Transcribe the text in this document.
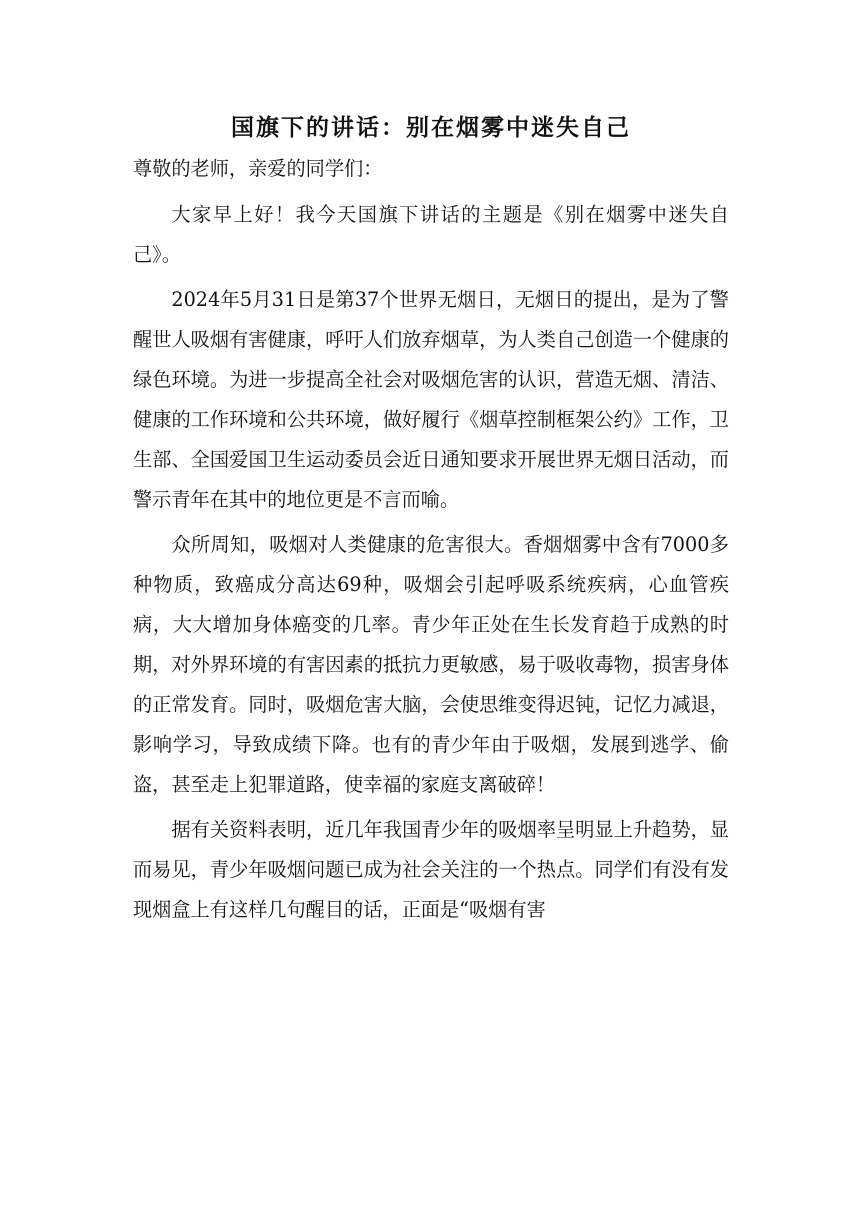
国旗下的讲话：别在烟雾中迷失自己

尊敬的老师，亲爱的同学们：

大家早上好！我今天国旗下讲话的主题是《别在烟雾中迷失自己》。

2024年5月31日是第37个世界无烟日，无烟日的提出，是为了警醒世人吸烟有害健康，呼吁人们放弃烟草，为人类自己创造一个健康的绿色环境。为进一步提高全社会对吸烟危害的认识，营造无烟、清洁、健康的工作环境和公共环境，做好履行《烟草控制框架公约》工作，卫生部、全国爱国卫生运动委员会近日通知要求开展世界无烟日活动，而警示青年在其中的地位更是不言而喻。

众所周知，吸烟对人类健康的危害很大。香烟烟雾中含有7000多种物质，致癌成分高达69种，吸烟会引起呼吸系统疾病，心血管疾病，大大增加身体癌变的几率。青少年正处在生长发育趋于成熟的时期，对外界环境的有害因素的抵抗力更敏感，易于吸收毒物，损害身体的正常发育。同时，吸烟危害大脑，会使思维变得迟钝，记忆力减退，影响学习，导致成绩下降。也有的青少年由于吸烟，发展到逃学、偷盗，甚至走上犯罪道路，使幸福的家庭支离破碎！

据有关资料表明，近几年我国青少年的吸烟率呈明显上升趋势，显而易见，青少年吸烟问题已成为社会关注的一个热点。同学们有没有发现烟盒上有这样几句醒目的话，正面是“吸烟有害
